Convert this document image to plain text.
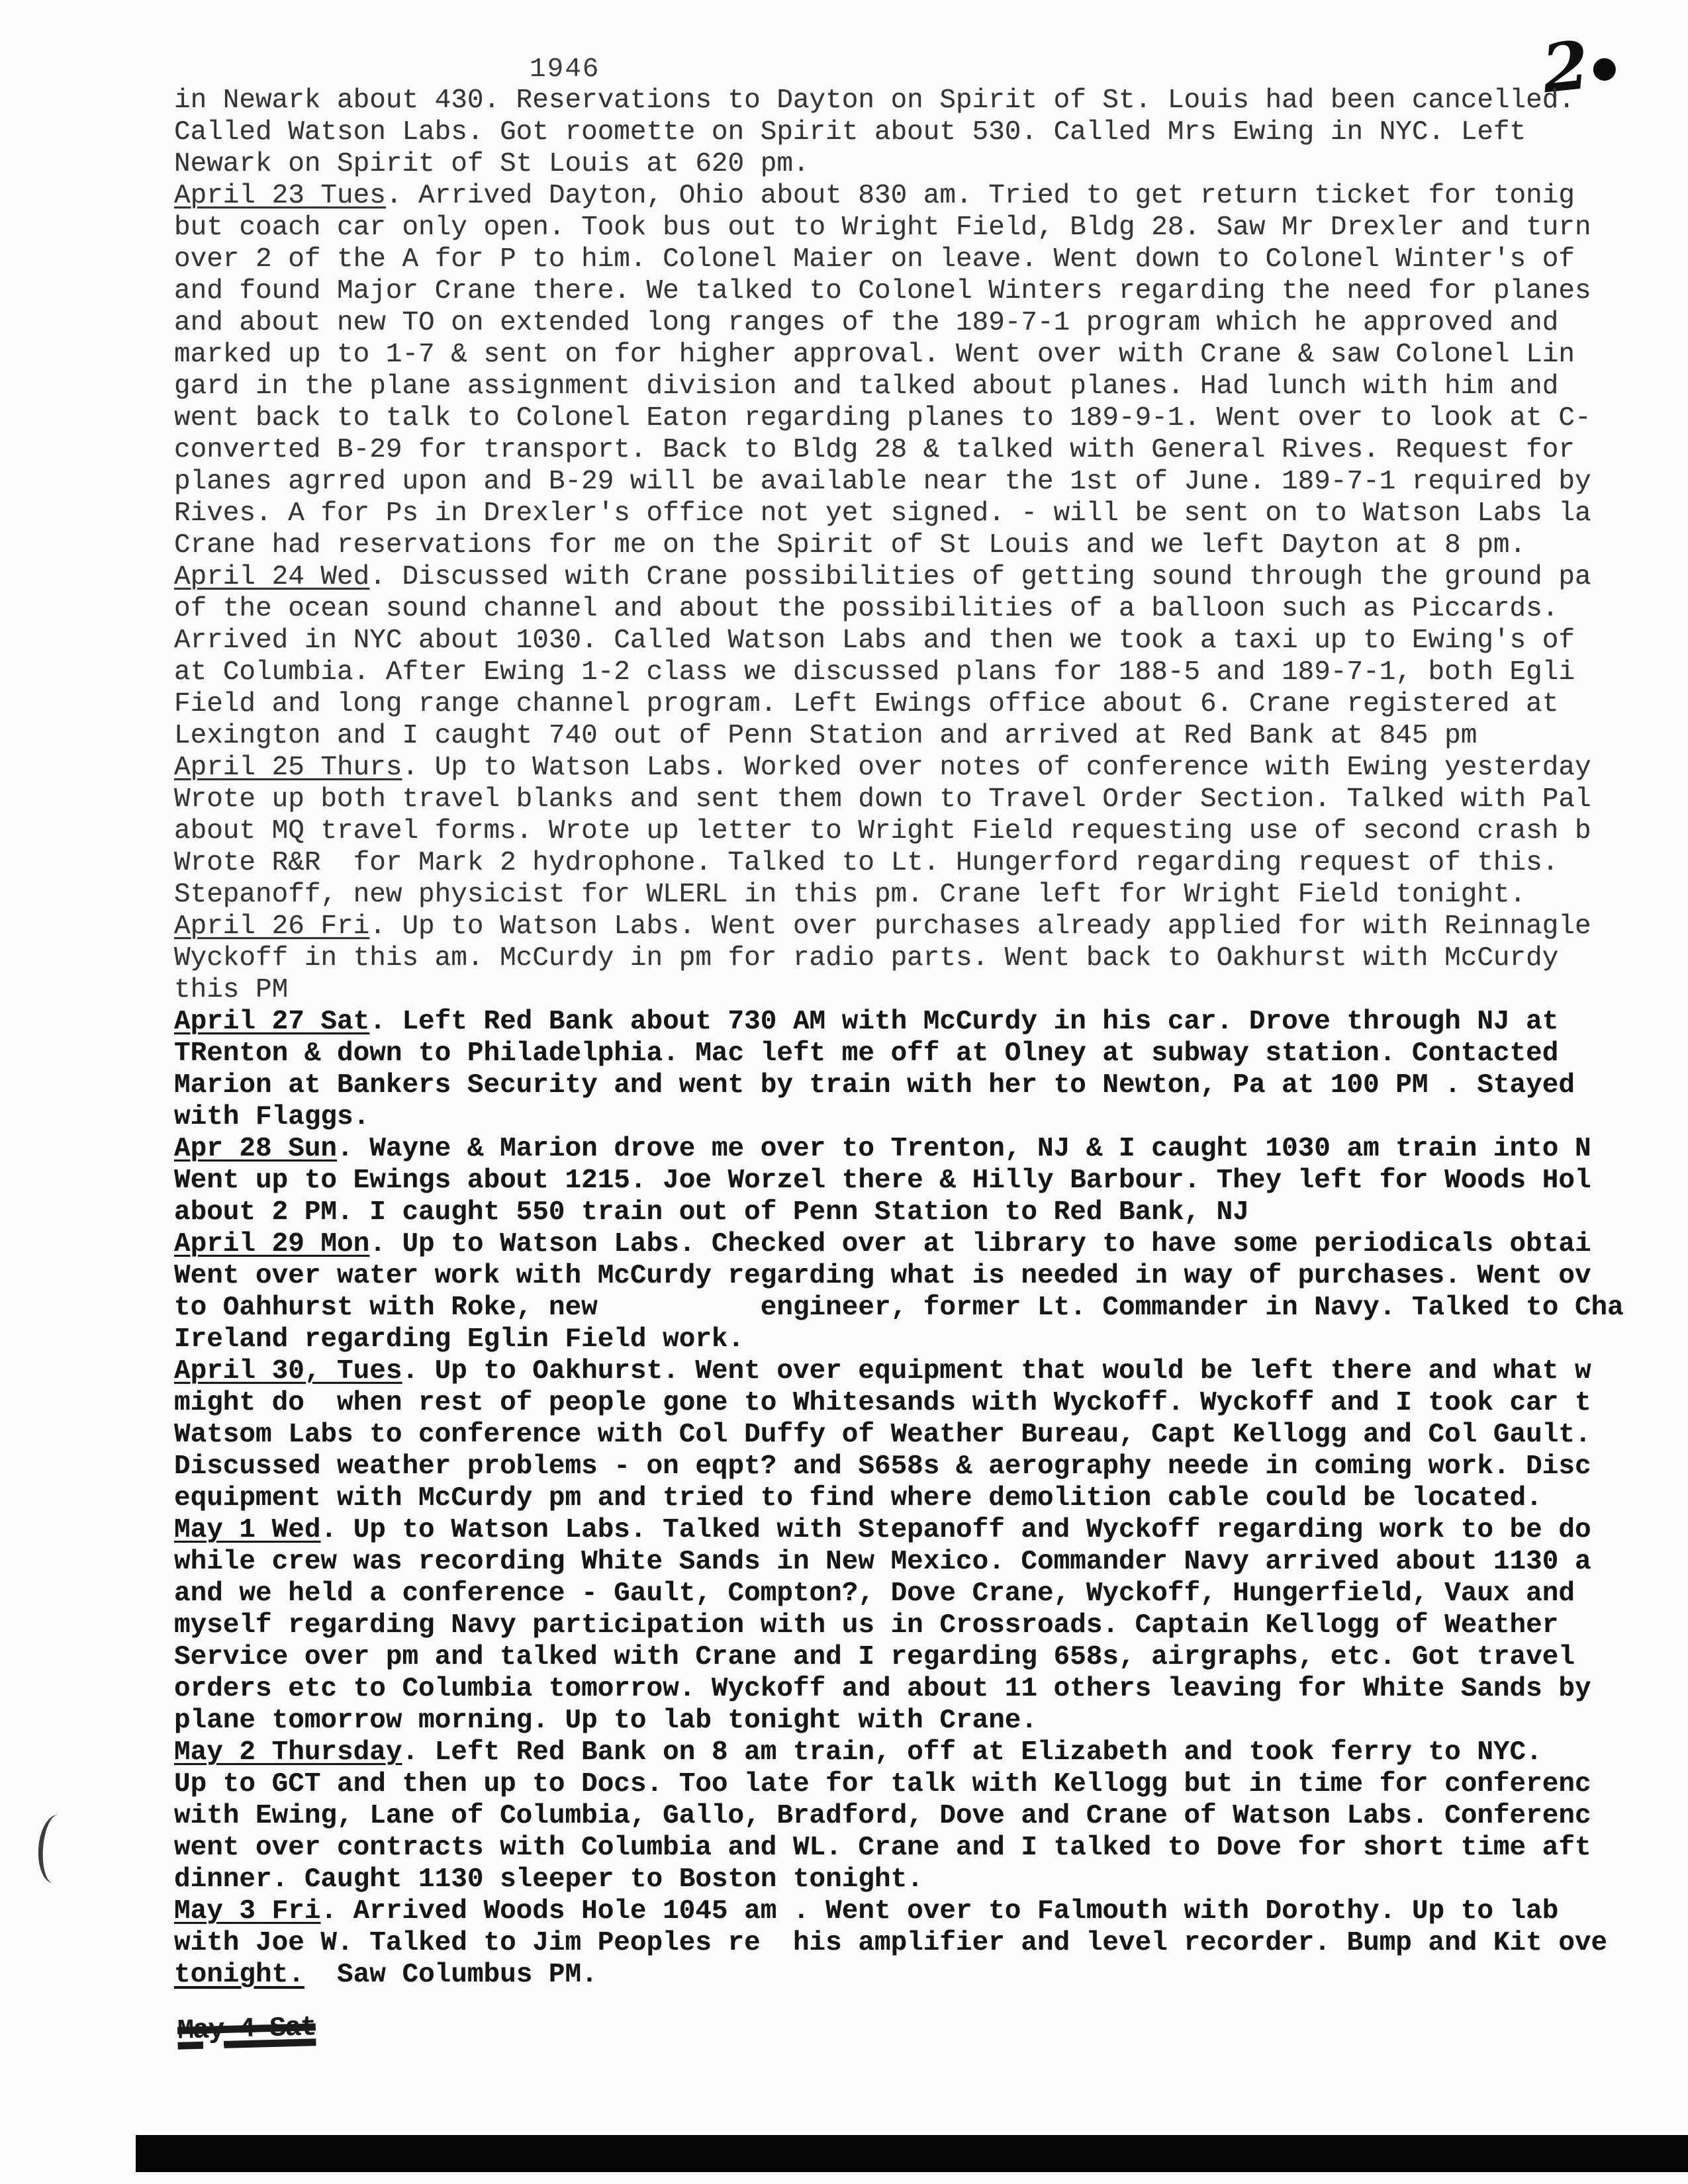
1946	2
in Newark about 430. Reservations to Dayton on Spirit of St. Louis had been cancelled.
Called Watson Labs. Got roomette on Spirit about 530. Called Mrs Ewing in NYC. Left
Newark on Spirit of St Louis at 620 pm.
April 23 Tues. Arrived Dayton, Ohio about 830 am. Tried to get return ticket for tonig
but coach car only open. Took bus out to Wright Field, Bldg 28. Saw Mr Drexler and turn
over 2 of the A for P to him. Colonel Maier on leave. Went down to Colonel Winter's of
and found Major Crane there. We talked to Colonel Winters regarding the need for planes
and about new TO on extended long ranges of the 189-7-1 program which he approved and
marked up to 1-7 & sent on for higher approval. Went over with Crane & saw Colonel Lin
gard in the plane assignment division and talked about planes. Had lunch with him and
went back to talk to Colonel Eaton regarding planes to 189-9-1. Went over to look at C-
converted B-29 for transport. Back to Bldg 28 & talked with General Rives. Request for
planes agrred upon and B-29 will be available near the 1st of June. 189-7-1 required by
Rives. A for Ps in Drexler's office not yet signed. - will be sent on to Watson Labs la
Crane had reservations for me on the Spirit of St Louis and we left Dayton at 8 pm.
April 24 Wed. Discussed with Crane possibilities of getting sound through the ground pa
of the ocean sound channel and about the possibilities of a balloon such as Piccards.
Arrived in NYC about 1030. Called Watson Labs and then we took a taxi up to Ewing's of
at Columbia. After Ewing 1-2 class we discussed plans for 188-5 and 189-7-1, both Egli
Field and long range channel program. Left Ewings office about 6. Crane registered at
Lexington and I caught 740 out of Penn Station and arrived at Red Bank at 845 pm
April 25 Thurs. Up to Watson Labs. Worked over notes of conference with Ewing yesterday
Wrote up both travel blanks and sent them down to Travel Order Section. Talked with Pal
about MQ travel forms. Wrote up letter to Wright Field requesting use of second crash b
Wrote R&R  for Mark 2 hydrophone. Talked to Lt. Hungerford regarding request of this.
Stepanoff, new physicist for WLERL in this pm. Crane left for Wright Field tonight.
April 26 Fri. Up to Watson Labs. Went over purchases already applied for with Reinnagle
Wyckoff in this am. McCurdy in pm for radio parts. Went back to Oakhurst with McCurdy
this PM
April 27 Sat. Left Red Bank about 730 AM with McCurdy in his car. Drove through NJ at
TRenton & down to Philadelphia. Mac left me off at Olney at subway station. Contacted
Marion at Bankers Security and went by train with her to Newton, Pa at 100 PM . Stayed
with Flaggs.
Apr 28 Sun. Wayne & Marion drove me over to Trenton, NJ & I caught 1030 am train into N
Went up to Ewings about 1215. Joe Worzel there & Hilly Barbour. They left for Woods Hol
about 2 PM. I caught 550 train out of Penn Station to Red Bank, NJ
April 29 Mon. Up to Watson Labs. Checked over at library to have some periodicals obtai
Went over water work with McCurdy regarding what is needed in way of purchases. Went ov
to Oahhurst with Roke, new          engineer, former Lt. Commander in Navy. Talked to Cha
Ireland regarding Eglin Field work.
April 30, Tues. Up to Oakhurst. Went over equipment that would be left there and what w
might do  when rest of people gone to Whitesands with Wyckoff. Wyckoff and I took car t
Watsom Labs to conference with Col Duffy of Weather Bureau, Capt Kellogg and Col Gault.
Discussed weather problems - on eqpt? and S658s & aerography neede in coming work. Disc
equipment with McCurdy pm and tried to find where demolition cable could be located.
May 1 Wed. Up to Watson Labs. Talked with Stepanoff and Wyckoff regarding work to be do
while crew was recording White Sands in New Mexico. Commander Navy arrived about 1130 a
and we held a conference - Gault, Compton?, Dove Crane, Wyckoff, Hungerfield, Vaux and
myself regarding Navy participation with us in Crossroads. Captain Kellogg of Weather
Service over pm and talked with Crane and I regarding 658s, airgraphs, etc. Got travel
orders etc to Columbia tomorrow. Wyckoff and about 11 others leaving for White Sands by
plane tomorrow morning. Up to lab tonight with Crane.
May 2 Thursday. Left Red Bank on 8 am train, off at Elizabeth and took ferry to NYC.
Up to GCT and then up to Docs. Too late for talk with Kellogg but in time for conferenc
with Ewing, Lane of Columbia, Gallo, Bradford, Dove and Crane of Watson Labs. Conferenc
went over contracts with Columbia and WL. Crane and I talked to Dove for short time aft
dinner. Caught 1130 sleeper to Boston tonight.
May 3 Fri. Arrived Woods Hole 1045 am . Went over to Falmouth with Dorothy. Up to lab
with Joe W. Talked to Jim Peoples re  his amplifier and level recorder. Bump and Kit ove
tonight.  Saw Columbus PM.
May 4 Sat
